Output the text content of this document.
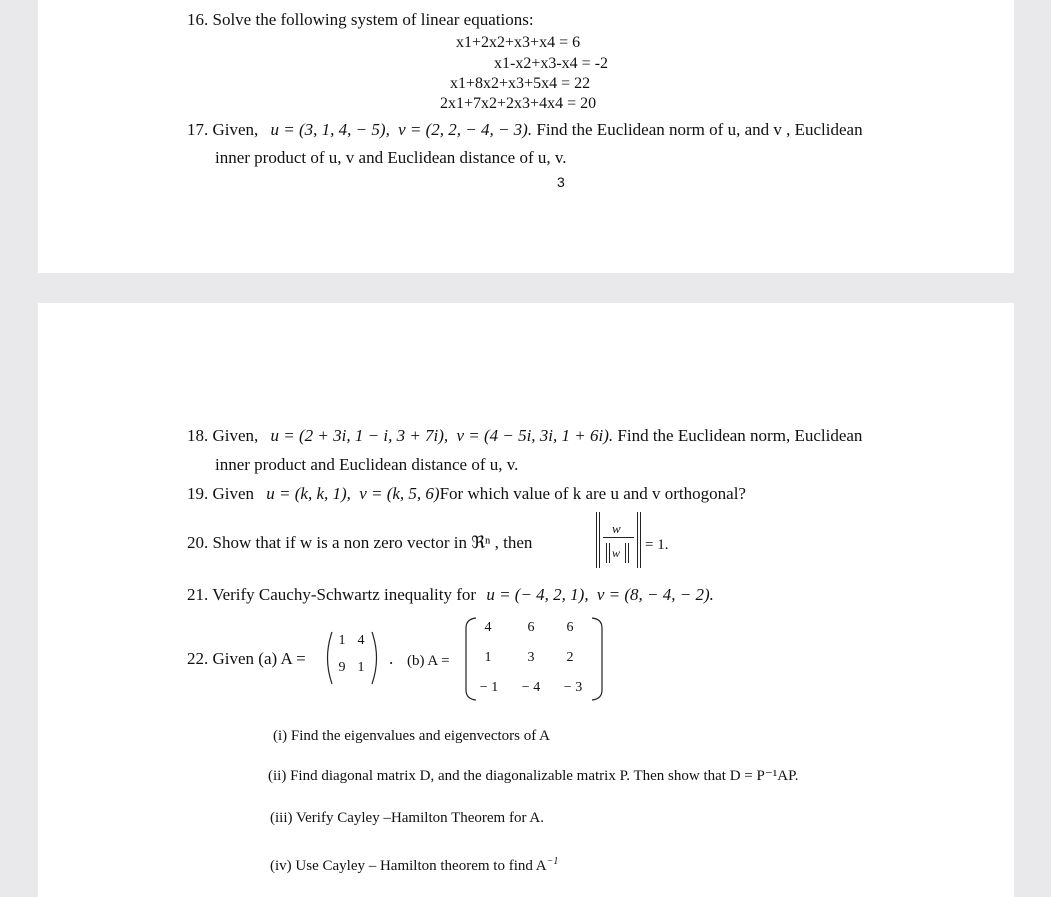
16. Solve the following system of linear equations:
x1+2x2+x3+x4 = 6
x1-x2+x3-x4 = -2
x1+8x2+x3+5x4 = 22
2x1+7x2+2x3+4x4 = 20
17. Given, u = (3, 1, 4, − 5), v = (2, 2, − 4, − 3). Find the Euclidean norm of u, and v , Euclidean
inner product of u, v and Euclidean distance of u, v.
3
18. Given, u = (2 + 3i, 1 − i, 3 + 7i), v = (4 − 5i, 3i, 1 + 6i). Find the Euclidean norm, Euclidean
inner product and Euclidean distance of u, v.
19. Given u = (k, k, 1), v = (k, 5, 6)For which value of k are u and v orthogonal?
20. Show that if w is a non zero vector in ℜⁿ , then
w
w = 1.
21. Verify Cauchy-Schwartz inequality for u = (− 4, 2, 1), v = (8, − 4, − 2).
22. Given (a) A =
1 4
9 1	. (b) A =
4	6	6
1	3	2
− 1	− 4	− 3
(i) Find the eigenvalues and eigenvectors of A
(ii) Find diagonal matrix D, and the diagonalizable matrix P. Then show that D = P⁻¹AP.
(iii) Verify Cayley –Hamilton Theorem for A.
(iv) Use Cayley – Hamilton theorem to find $A^{-1}$
